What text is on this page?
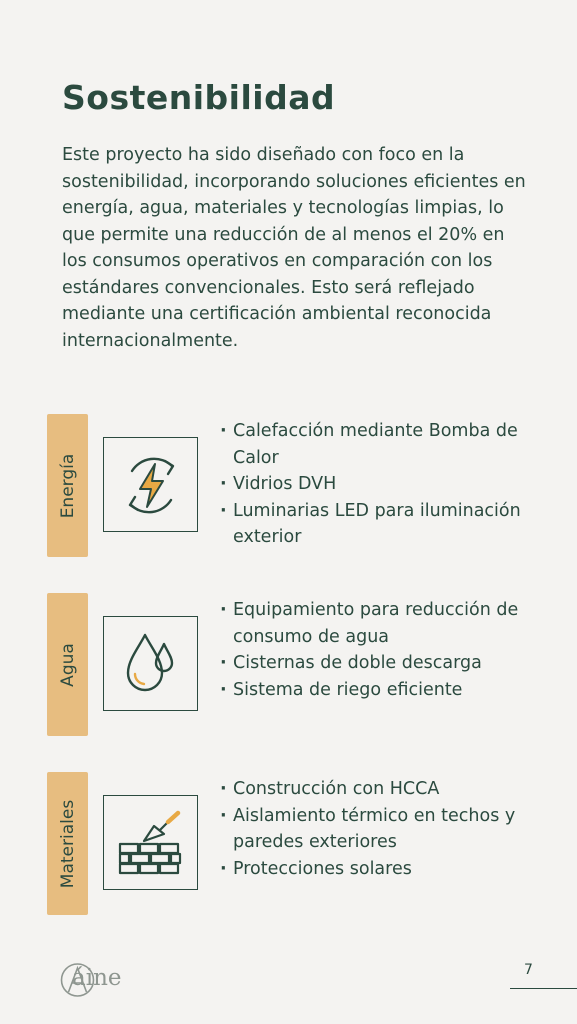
Sostenibilidad

Este proyecto ha sido diseñado con foco en la sostenibilidad, incorporando soluciones eficientes en energía, agua, materiales y tecnologías limpias, lo que permite una reducción de al menos el 20% en los consumos operativos en comparación con los estándares convencionales. Esto será reflejado mediante una certificación ambiental reconocida internacionalmente.

Energía
· Calefacción mediante Bomba de Calor
· Vidrios DVH
· Luminarias LED para iluminación exterior
Agua
· Equipamiento para reducción de consumo de agua
· Cisternas de doble descarga
· Sistema de riego eficiente
Materiales
· Construcción con HCCA
· Aislamiento térmico en techos y paredes exteriores
· Protecciones solares
áine	7
